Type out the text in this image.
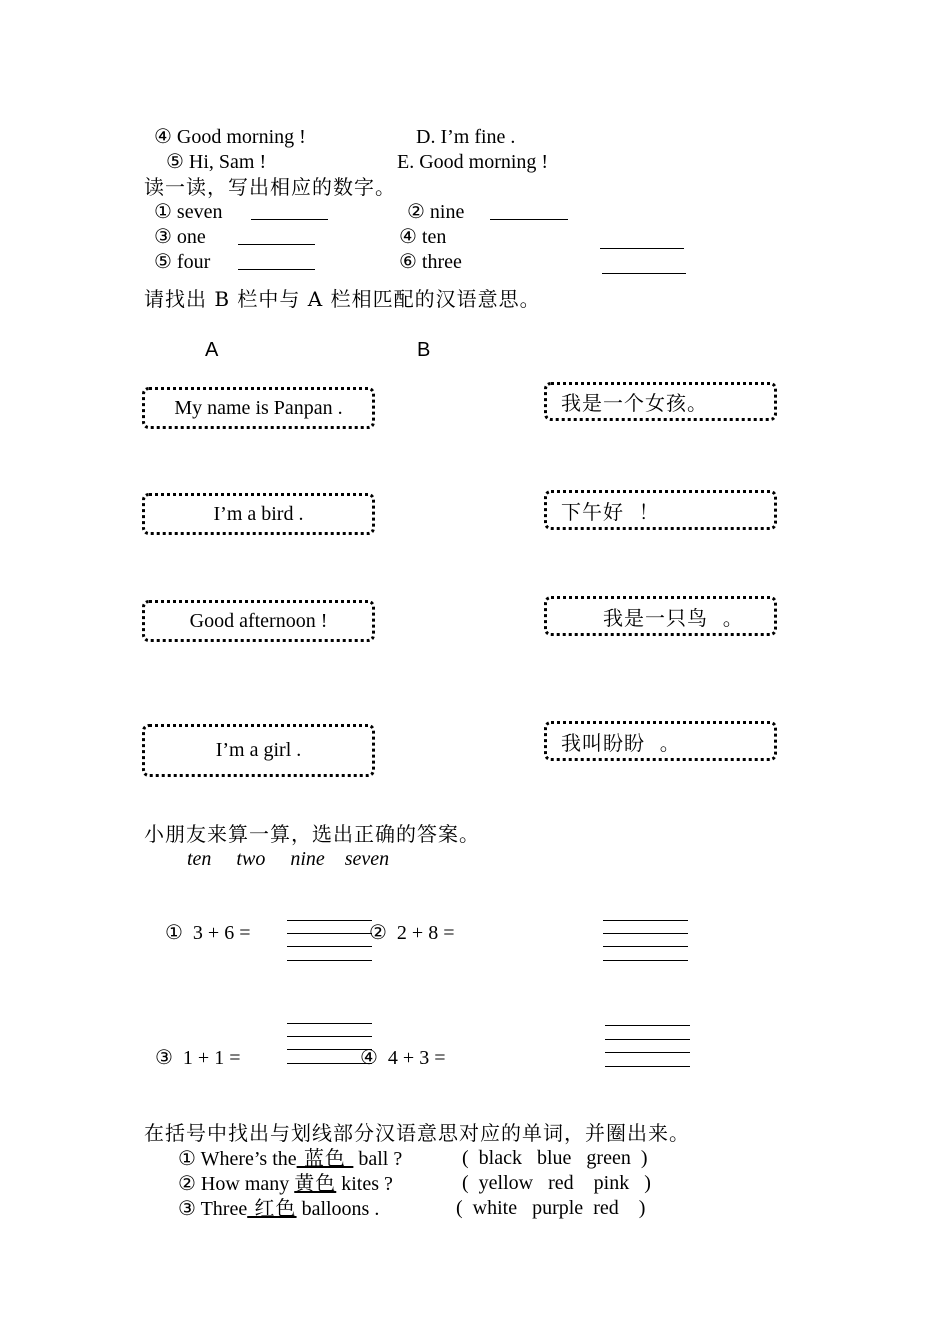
④ Good morning !	D. I’m fine .
⑤ Hi, Sam !	E. Good morning !
读一读，写出相应的数字。
① seven	② nine
③ one	④ ten
⑤ four	⑥ three
请找出 B 栏中与 A 栏相匹配的汉语意思。
A	B
My name is Panpan .
I’m a bird .
Good afternoon !
I’m a girl .
我是一个女孩。
下午好  ！
我是一只鸟  。
我叫盼盼  。
小朋友来算一算，选出正确的答案。
ten     two     nine    seven
①  3 + 6 =	②  2 + 8 =
③  1 + 1 =	④  4 + 3 =
在括号中找出与划线部分汉语意思对应的单词，并圈出来。
① Where’s the 蓝色  ball ?	(  black   blue   green  )
② How many 黄色 kites ?	(  yellow   red    pink   )
③ Three 红色 balloons .	(  white   purple  red    )
